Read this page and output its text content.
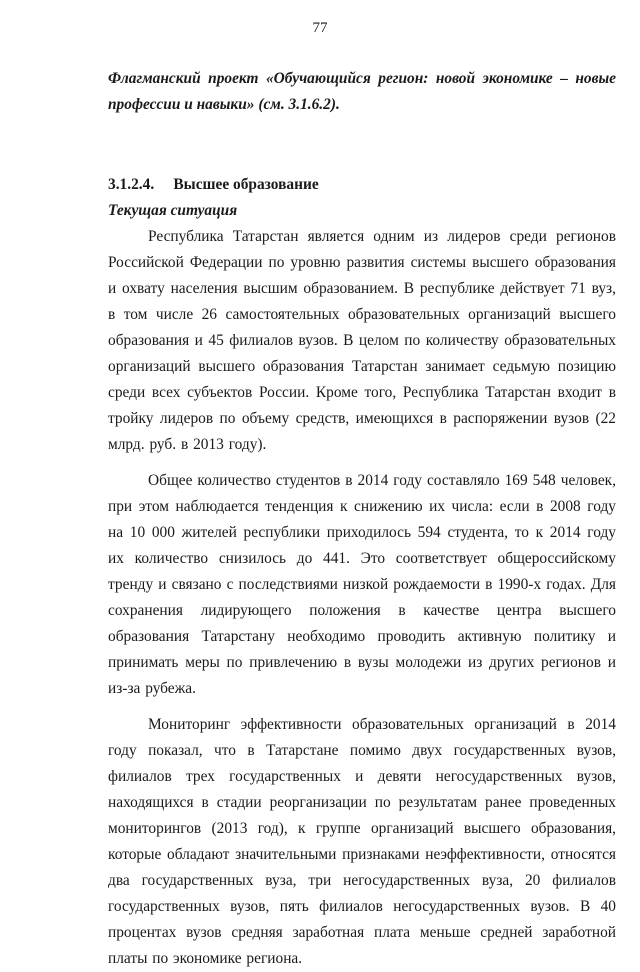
77

Флагманский проект «Обучающийся регион: новой экономике – новые профессии и навыки» (см. 3.1.6.2).

3.1.2.4. Высшее образование

Текущая ситуация

Республика Татарстан является одним из лидеров среди регионов Российской Федерации по уровню развития системы высшего образования и охвату населения высшим образованием. В республике действует 71 вуз, в том числе 26 самостоятельных образовательных организаций высшего образования и 45 филиалов вузов. В целом по количеству образовательных организаций высшего образования Татарстан занимает седьмую позицию среди всех субъектов России. Кроме того, Республика Татарстан входит в тройку лидеров по объему средств, имеющихся в распоряжении вузов (22 млрд. руб. в 2013 году).

Общее количество студентов в 2014 году составляло 169 548 человек, при этом наблюдается тенденция к снижению их числа: если в 2008 году на 10 000 жителей республики приходилось 594 студента, то к 2014 году их количество снизилось до 441. Это соответствует общероссийскому тренду и связано с последствиями низкой рождаемости в 1990-х годах. Для сохранения лидирующего положения в качестве центра высшего образования Татарстану необходимо проводить активную политику и принимать меры по привлечению в вузы молодежи из других регионов и из-за рубежа.

Мониторинг эффективности образовательных организаций в 2014 году показал, что в Татарстане помимо двух государственных вузов, филиалов трех государственных и девяти негосударственных вузов, находящихся в стадии реорганизации по результатам ранее проведенных мониторингов (2013 год), к группе организаций высшего образования, которые обладают значительными признаками неэффективности, относятся два государственных вуза, три негосударственных вуза, 20 филиалов государственных вузов, пять филиалов негосударственных вузов. В 40 процентах вузов средняя заработная плата меньше средней заработной платы по экономике региона.
